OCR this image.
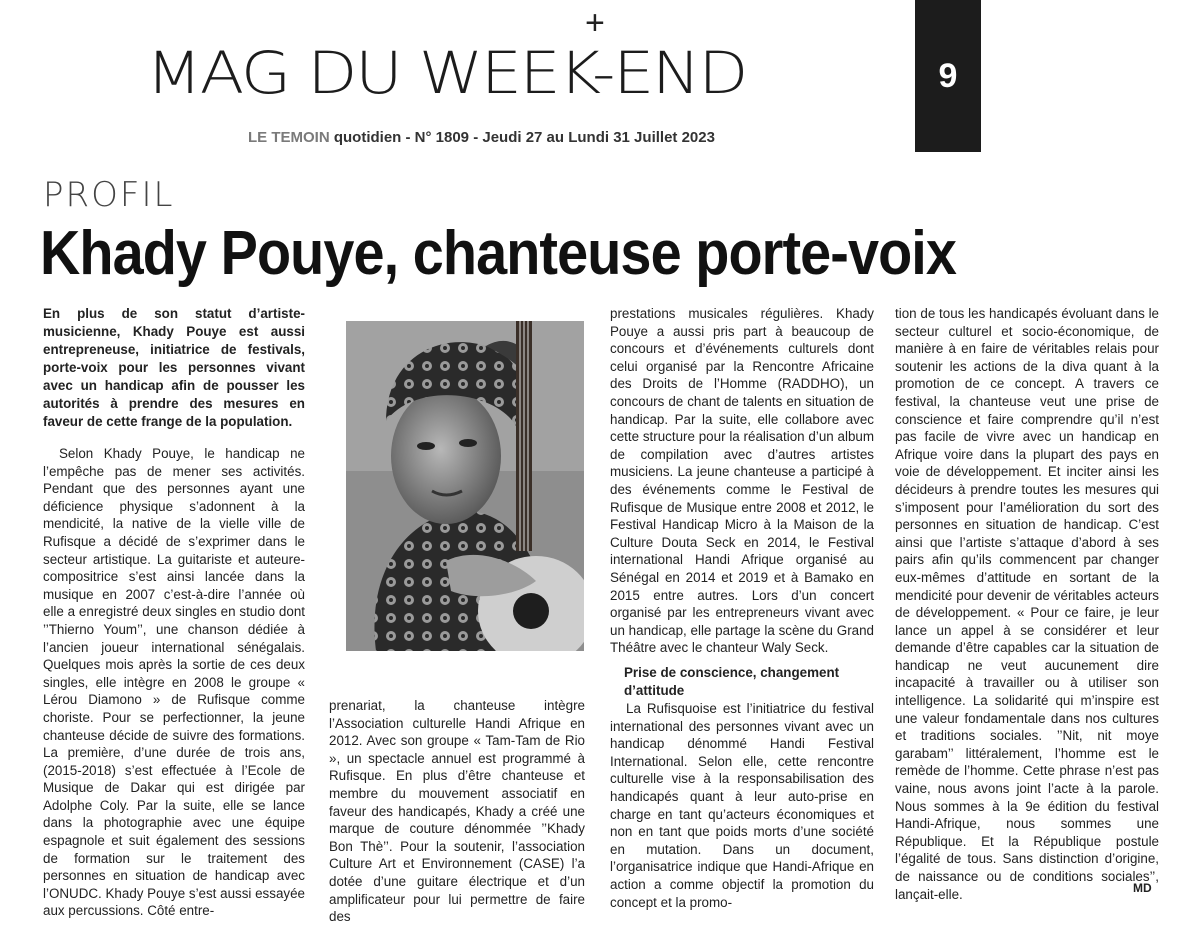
+
MAG DU WEEK-END	9
LE TEMOIN quotidien - N° 1809 - Jeudi 27 au Lundi 31 Juillet 2023
PROFIL
Khady Pouye, chanteuse porte-voix
En plus de son statut d’artiste-musicienne, Khady Pouye est aussi entrepreneuse, initiatrice de festivals, porte-voix pour les personnes vivant avec un handicap afin de pousser les autorités à prendre des mesures en faveur de cette frange de la population.

Selon Khady Pouye, le handicap ne l’empêche pas de mener ses activités. Pendant que des personnes ayant une déficience physique s’adonnent à la mendicité, la native de la vielle ville de Rufisque a décidé de s’exprimer dans le secteur artistique. La guitariste et auteure-compositrice s’est ainsi lancée dans la musique en 2007 c’est-à-dire l’année où elle a enregistré deux singles en studio dont ’’Thierno Youm’’, une chanson dédiée à l’ancien joueur international sénégalais. Quelques mois après la sortie de ces deux singles, elle intègre en 2008 le groupe « Lérou Diamono » de Rufisque comme choriste. Pour se perfectionner, la jeune chanteuse décide de suivre des formations. La première, d’une durée de trois ans, (2015-2018) s’est effectuée à l’Ecole de Musique de Dakar qui est dirigée par Adolphe Coly. Par la suite, elle se lance dans la photographie avec une équipe espagnole et suit également des sessions de formation sur le traitement des personnes en situation de handicap avec l’ONUDC. Khady Pouye s’est aussi essayée aux percussions. Côté entre-

prenariat, la chanteuse intègre l’Association culturelle Handi Afrique en 2012. Avec son groupe « Tam-Tam de Rio », un spectacle annuel est programmé à Rufisque. En plus d’être chanteuse et membre du mouvement associatif en faveur des handicapés, Khady a créé une marque de couture dénommée ’’Khady Bon Thè’’. Pour la soutenir, l’association Culture Art et Environnement (CASE) l’a dotée d’une guitare électrique et d’un amplificateur pour lui permettre de faire des

prestations musicales régulières. Khady Pouye a aussi pris part à beaucoup de concours et d’événements culturels dont celui organisé par la Rencontre Africaine des Droits de l’Homme (RADDHO), un concours de chant de talents en situation de handicap. Par la suite, elle collabore avec cette structure pour la réalisation d’un album de compilation avec d’autres artistes musiciens. La jeune chanteuse a participé à des événements comme le Festival de Rufisque de Musique entre 2008 et 2012, le Festival Handicap Micro à la Maison de la Culture Douta Seck en 2014, le Festival international Handi Afrique organisé au Sénégal en 2014 et 2019 et à Bamako en 2015 entre autres. Lors d’un concert organisé par les entrepreneurs vivant avec un handicap, elle partage la scène du Grand Théâtre avec le chanteur Waly Seck.

Prise de conscience, changement d’attitude

La Rufisquoise est l’initiatrice du festival international des personnes vivant avec un handicap dénommé Handi Festival International. Selon elle, cette rencontre culturelle vise à la responsabilisation des handicapés quant à leur auto-prise en charge en tant qu’acteurs économiques et non en tant que poids morts d’une société en mutation. Dans un document, l’organisatrice indique que Handi-Afrique en action a comme objectif la promotion du concept et la promo-

tion de tous les handicapés évoluant dans le secteur culturel et socio-économique, de manière à en faire de véritables relais pour soutenir les actions de la diva quant à la promotion de ce concept. A travers ce festival, la chanteuse veut une prise de conscience et faire comprendre qu’il n’est pas facile de vivre avec un handicap en Afrique voire dans la plupart des pays en voie de développement. Et inciter ainsi les décideurs à prendre toutes les mesures qui s’imposent pour l’amélioration du sort des personnes en situation de handicap. C’est ainsi que l’artiste s’attaque d’abord à ses pairs afin qu’ils commencent par changer eux-mêmes d’attitude en sortant de la mendicité pour devenir de véritables acteurs de développement. « Pour ce faire, je leur lance un appel à se considérer et leur demande d’être capables car la situation de handicap ne veut aucunement dire incapacité à travailler ou à utiliser son intelligence. La solidarité qui m’inspire est une valeur fondamentale dans nos cultures et traditions sociales. ’’Nit, nit moye garabam’’ littéralement, l’homme est le remède de l’homme. Cette phrase n’est pas vaine, nous avons joint l’acte à la parole. Nous sommes à la 9e édition du festival Handi-Afrique, nous sommes une République. Et la République postule l’égalité de tous. Sans distinction d’origine, de naissance ou de conditions sociales’’, lançait-elle.	MD
